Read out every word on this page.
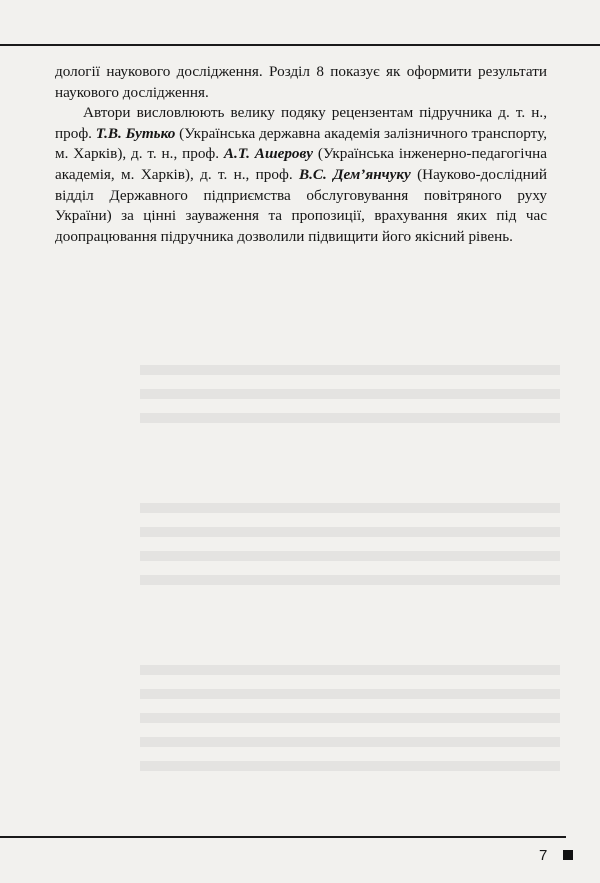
дології наукового дослідження. Розділ 8 показує як оформити результати наукового дослідження.

Автори висловлюють велику подяку рецензентам підручника д. т. н., проф. Т.В. Бутько (Українська державна академія залізничного транспорту, м. Харків), д. т. н., проф. А.Т. Ашерову (Українська інженерно-педагогічна академія, м. Харків), д. т. н., проф. В.С. Дем’янчуку (Науково-дослідний відділ Державного підприємства обслуговування повітряного руху України) за цінні зауваження та пропозиції, врахування яких під час доопрацювання підручника дозволили підвищити його якісний рівень.

7
